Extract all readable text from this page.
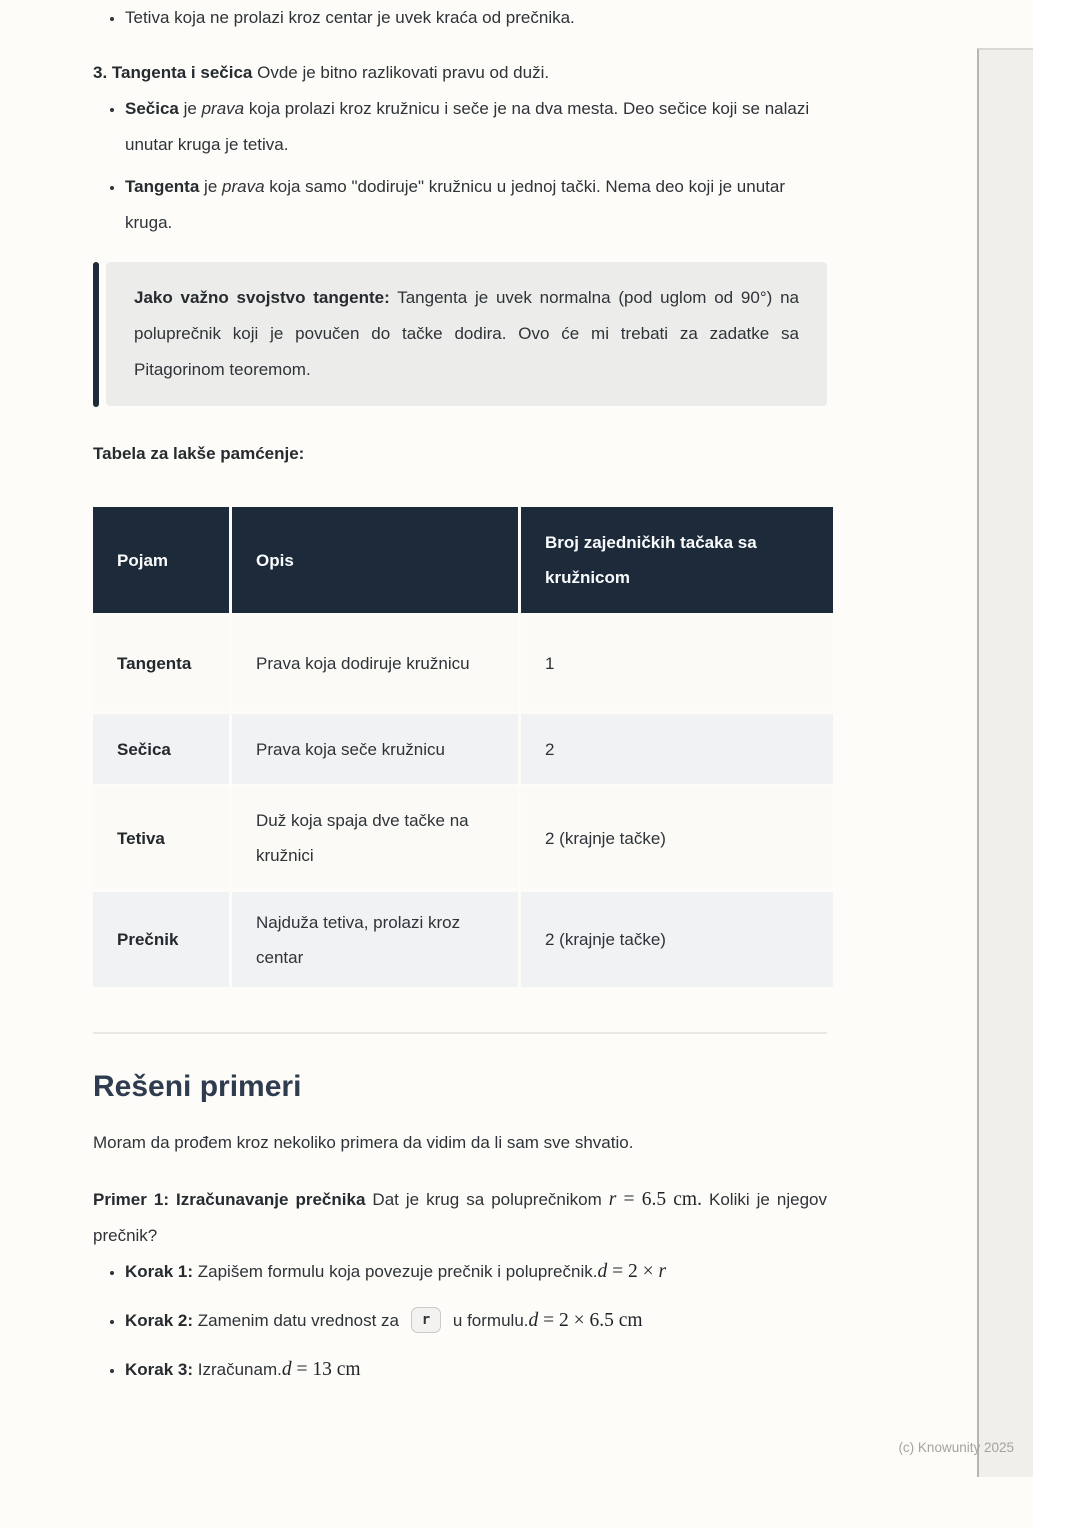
• Tetiva koja ne prolazi kroz centar je uvek kraća od prečnika.

3. Tangenta i sečica Ovde je bitno razlikovati pravu od duži.

• Sečica je prava koja prolazi kroz kružnicu i seče je na dva mesta. Deo sečice koji se nalazi unutar kruga je tetiva.
• Tangenta je prava koja samo "dodiruje" kružnicu u jednoj tački. Nema deo koji je unutar kruga.

Jako važno svojstvo tangente: Tangenta je uvek normalna (pod uglom od 90°) na poluprečnik koji je povučen do tačke dodira. Ovo će mi trebati za zadatke sa Pitagorinom teoremom.

Tabela za lakše pamćenje:

Pojam	Opis	Broj zajedničkih tačaka sa kružnicom
Tangenta	Prava koja dodiruje kružnicu	1
Sečica	Prava koja seče kružnicu	2
Tetiva	Duž koja spaja dve tačke na kružnici	2 (krajnje tačke)
Prečnik	Najduža tetiva, prolazi kroz centar	2 (krajnje tačke)
Rešeni primeri

Moram da prođem kroz nekoliko primera da vidim da li sam sve shvatio.

Primer 1: Izračunavanje prečnika Dat je krug sa poluprečnikom r = 6.5 cm. Koliki je njegov prečnik?

• Korak 1: Zapišem formulu koja povezuje prečnik i poluprečnik.d = 2 × r
• Korak 2: Zamenim datu vrednost za r u formulu.d = 2 × 6.5 cm
• Korak 3: Izračunam.d = 13 cm
(c) Knowunity 2025
